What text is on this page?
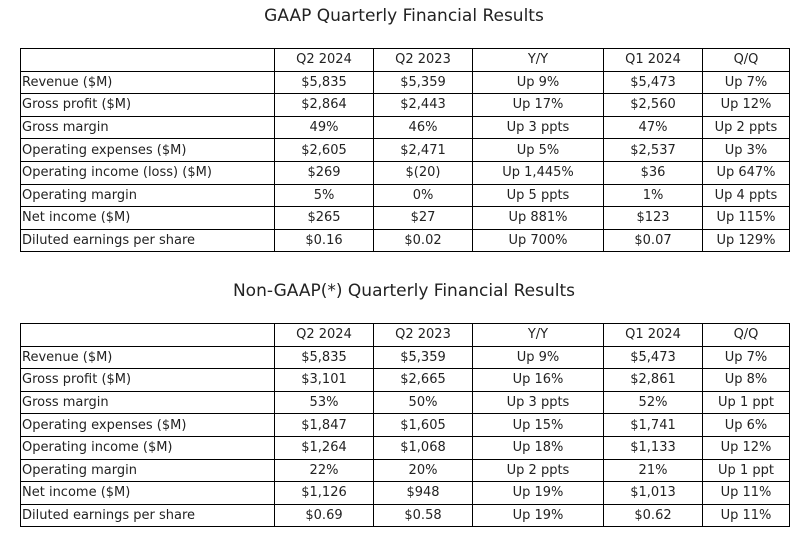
GAAP Quarterly Financial Results
	Q2 2024	Q2 2023	Y/Y	Q1 2024	Q/Q
Revenue ($M)	$5,835	$5,359	Up 9%	$5,473	Up 7%
Gross profit ($M)	$2,864	$2,443	Up 17%	$2,560	Up 12%
Gross margin	49%	46%	Up 3 ppts	47%	Up 2 ppts
Operating expenses ($M)	$2,605	$2,471	Up 5%	$2,537	Up 3%
Operating income (loss) ($M)	$269	$(20)	Up 1,445%	$36	Up 647%
Operating margin	5%	0%	Up 5 ppts	1%	Up 4 ppts
Net income ($M)	$265	$27	Up 881%	$123	Up 115%
Diluted earnings per share	$0.16	$0.02	Up 700%	$0.07	Up 129%
Non-GAAP(*) Quarterly Financial Results
	Q2 2024	Q2 2023	Y/Y	Q1 2024	Q/Q
Revenue ($M)	$5,835	$5,359	Up 9%	$5,473	Up 7%
Gross profit ($M)	$3,101	$2,665	Up 16%	$2,861	Up 8%
Gross margin	53%	50%	Up 3 ppts	52%	Up 1 ppt
Operating expenses ($M)	$1,847	$1,605	Up 15%	$1,741	Up 6%
Operating income ($M)	$1,264	$1,068	Up 18%	$1,133	Up 12%
Operating margin	22%	20%	Up 2 ppts	21%	Up 1 ppt
Net income ($M)	$1,126	$948	Up 19%	$1,013	Up 11%
Diluted earnings per share	$0.69	$0.58	Up 19%	$0.62	Up 11%
